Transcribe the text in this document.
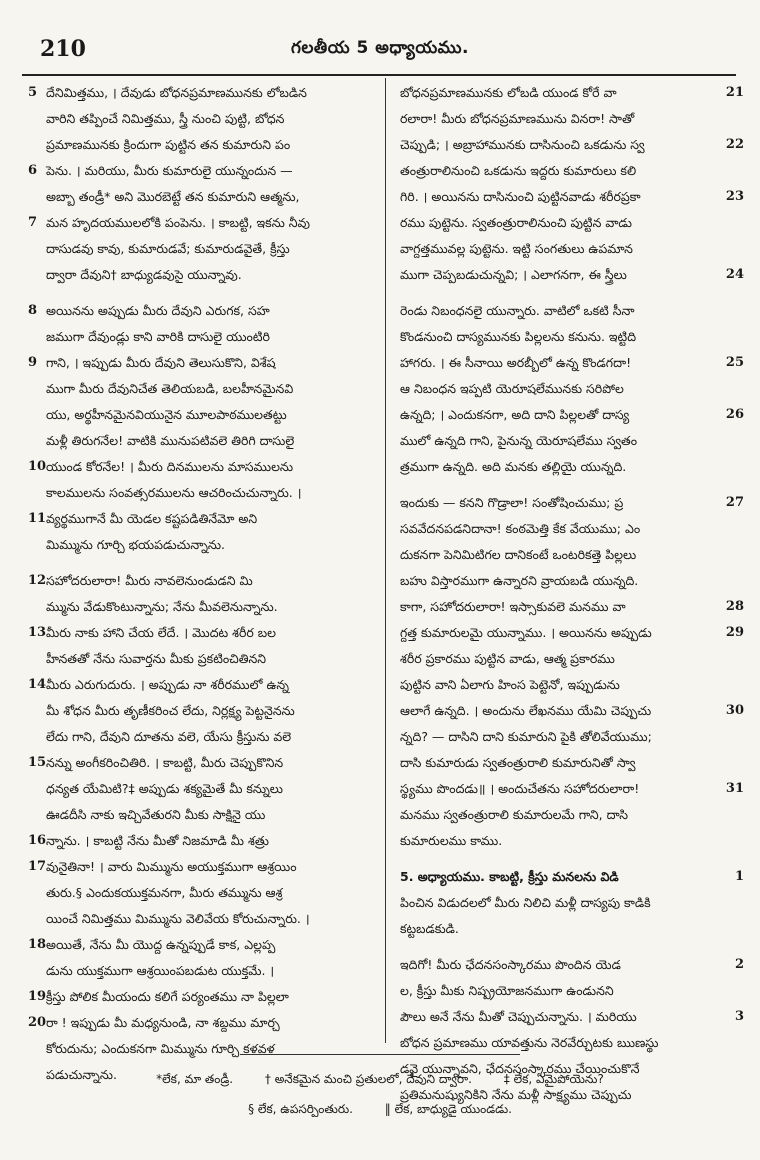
210	గలతీయ 5 అధ్యాయము.
5 దేనిమిత్తము, । దేవుడు బోధనప్రమాణమునకు లోబడిన
వారిని తప్పించే నిమిత్తము, స్త్రీ నుంచి పుట్టి, బోధన
ప్రమాణమునకు క్రిందుగా పుట్టిన తన కుమారుని పం
6 పెను. । మరియు, మీరు కుమారులై యున్నందున —
అబ్బా తండ్రీ* అని మొరబెట్టే తన కుమారుని ఆత్మను,
7 మన హృదయములలోకి పంపెను. । కాబట్టి, ఇకను నీవు
దాసుడవు కావు, కుమారుడవే; కుమారుడవైతే, క్రీస్తు
ద్వారా దేవుని† బాధ్యుడవుసై యున్నావు.
8 అయినను అప్పుడు మీరు దేవుని ఎరుగక, సహ
జముగా దేవుండ్లు కాని వారికి దాసులై యుంటిరి
9 గాని, । ఇప్పుడు మీరు దేవుని తెలుసుకొని, విశేష
ముగా మీరు దేవునిచేత తెలియబడి, బలహీనమైనవి
యు, అర్థహీనమైనవియునైన మూలపాఠములతట్టు
మళ్లీ తిరుగనేల! వాటికి మునుపటివలె తిరిగి దాసులై
10 యుండ కోరనేల! । మీరు దినములను మాసములను
కాలములను సంవత్సరములను ఆచరించుచున్నారు. ।
11 వ్యర్థముగానే మీ యెడల కష్టపడితినేమో అని
మిమ్మును గూర్చి భయపడుచున్నాను.
12 సహోదరులారా! మీరు నావలెనుండుడని మి
మ్మును వేడుకొంటున్నాను; నేను మీవలెనున్నాను.
13 మీరు నాకు హాని చేయ లేదే. । మొదట శరీర బల
హీనతతో నేను సువార్తను మీకు ప్రకటించితినని
14 మీరు ఎరుగుదురు. । అప్పుడు నా శరీరములో ఉన్న
మీ శోధన మీరు తృణీకరించ లేదు, నిర్లక్ష్య పెట్టనైనను
లేదు గాని, దేవుని దూతను వలె, యేసు క్రీస్తును వలె
15 నన్ను అంగీకరించితిరి. । కాబట్టి, మీరు చెప్పుకొనిన
ధన్యత యేమిటి?‡ అప్పుడు శక్యమైతే మీ కన్నులు
ఊడదీసి నాకు ఇచ్చివేతురని మీకు సాక్షినై యు
16 న్నాను. । కాబట్టి నేను మీతో నిజమాడి మీ శత్రు
17 వునైతినా! । వారు మిమ్మును అయుక్తముగా ఆశ్రయిం
తురు.§ ఎందుకయుక్తమనగా, మీరు తమ్మును ఆశ్ర
యించే నిమిత్తము మిమ్మును వెలివేయ కోరుచున్నారు. ।
18 అయితే, నేను మీ యొద్ద ఉన్నప్పుడే కాక, ఎల్లప్ప
డును యుక్తముగా ఆశ్రయింపబడుట యుక్తమే. ।
19 క్రీస్తు పోలిక మీయందు కలిగే పర్యంతము నా పిల్లలా
20 రా ! ఇప్పుడు మీ మధ్యనుండి, నా శబ్దము మార్చ
కోరుదును; ఎందుకనగా మిమ్మును గూర్చి కళవళ
పడుచున్నాను.
21
బోధనప్రమాణమునకు లోబడి యుండ కోరే వా
రలారా! మీరు బోధనప్రమాణమును వినరా! సాతో
22
చెప్పుడి; । అబ్రాహామునకు దాసినుంచి ఒకడును స్వ
తంత్రురాలినుంచి ఒకడును ఇద్దరు కుమారులు కలి
23
గిరి. । అయినను దాసినుంచి పుట్టినవాడు శరీరప్రకా
రము పుట్టెను. స్వతంత్రురాలినుంచి పుట్టిన వాడు
వాగ్దత్తమువల్ల పుట్టెను. ఇట్టి సంగతులు ఉపమాన
24
ముగా చెప్పబడుచున్నవి; । ఎలాగనగా, ఈ స్త్రీలు
రెండు నిబంధనలై యున్నారు. వాటిలో ఒకటి సీనా
కొండనుంచి దాస్యమునకు పిల్లలను కనును. ఇట్టిది
25
హాగరు. । ఈ సీనాయి అరబ్బీలో ఉన్న కొండగదా!
ఆ నిబంధన ఇప్పటి యెరూషలేమునకు సరిపోల
26
ఉన్నది; । ఎందుకనగా, అది దాని పిల్లలతో దాస్య
ములో ఉన్నది గాని, పైనున్న యెరూషలేము స్వతం
త్రముగా ఉన్నది. అది మనకు తల్లియై యున్నది.
27
ఇందుకు — కనని గొడ్రాలా! సంతోషించుము; ప్ర
సవవేదనపడనిదానా! కంఠమెత్తి కేక వేయుము; ఎం
దుకనగా పెనిమిటిగల దానికంటే ఒంటరికత్తె పిల్లలు
బహు విస్తారముగా ఉన్నారని వ్రాయబడి యున్నది.
28
కాగా, సహోదరులారా! ఇస్సాకువలె మనము వా
29
గ్దత్త కుమారులమై యున్నాము. । అయినను అప్పుడు
శరీర ప్రకారము పుట్టిన వాడు, ఆత్మ ప్రకారము
పుట్టిన వాని ఏలాగు హింస పెట్టెనో, ఇప్పుడును
30
ఆలాగే ఉన్నది. । అందును లేఖనము యేమి చెప్పుచు
న్నది? — దాసిని దాని కుమారుని పైకి తోలివేయుము;
దాసి కుమారుడు స్వతంత్రురాలి కుమారునితో స్వా
31
స్థ్యము పొందడు॥ । అందుచేతను సహోదరులారా!
మనము స్వతంత్రురాలి కుమారులమే గాని, దాసి
కుమారులము కాము.
1
5. అధ్యాయము. కాబట్టి, క్రీస్తు మనలను విడి
పించిన విడుదలలో మీరు నిలిచి మళ్లీ దాస్యపు కాడికి
కట్టబడకుడి.
2
ఇదిగో! మీరు ఛేదనసంస్కారము పొందిన యెడ
ల, క్రీస్తు మీకు నిష్ప్రయోజనముగా ఉండునని
3
పౌలు అనే నేను మీతో చెప్పుచున్నాను. । మరియు
బోధన ప్రమాణము యావత్తును నెరవేర్చుటకు ఋణస్థు
డవై యున్నావని, ఛేదనసంస్కారము చేయించుకొనే
ప్రతిమనుష్యునికిని నేను మళ్లీ సాక్ష్యము చెప్పుచు
*లేక, మా తండ్రీ.	† అనేకమైన మంచి ప్రతులలో, దేవుని ద్వారా.	‡ లేక, ఏమైపోయెను?
§ లేక, ఉపసర్పింతురు.	‖ లేక, బాధ్యుడై యుండడు.
